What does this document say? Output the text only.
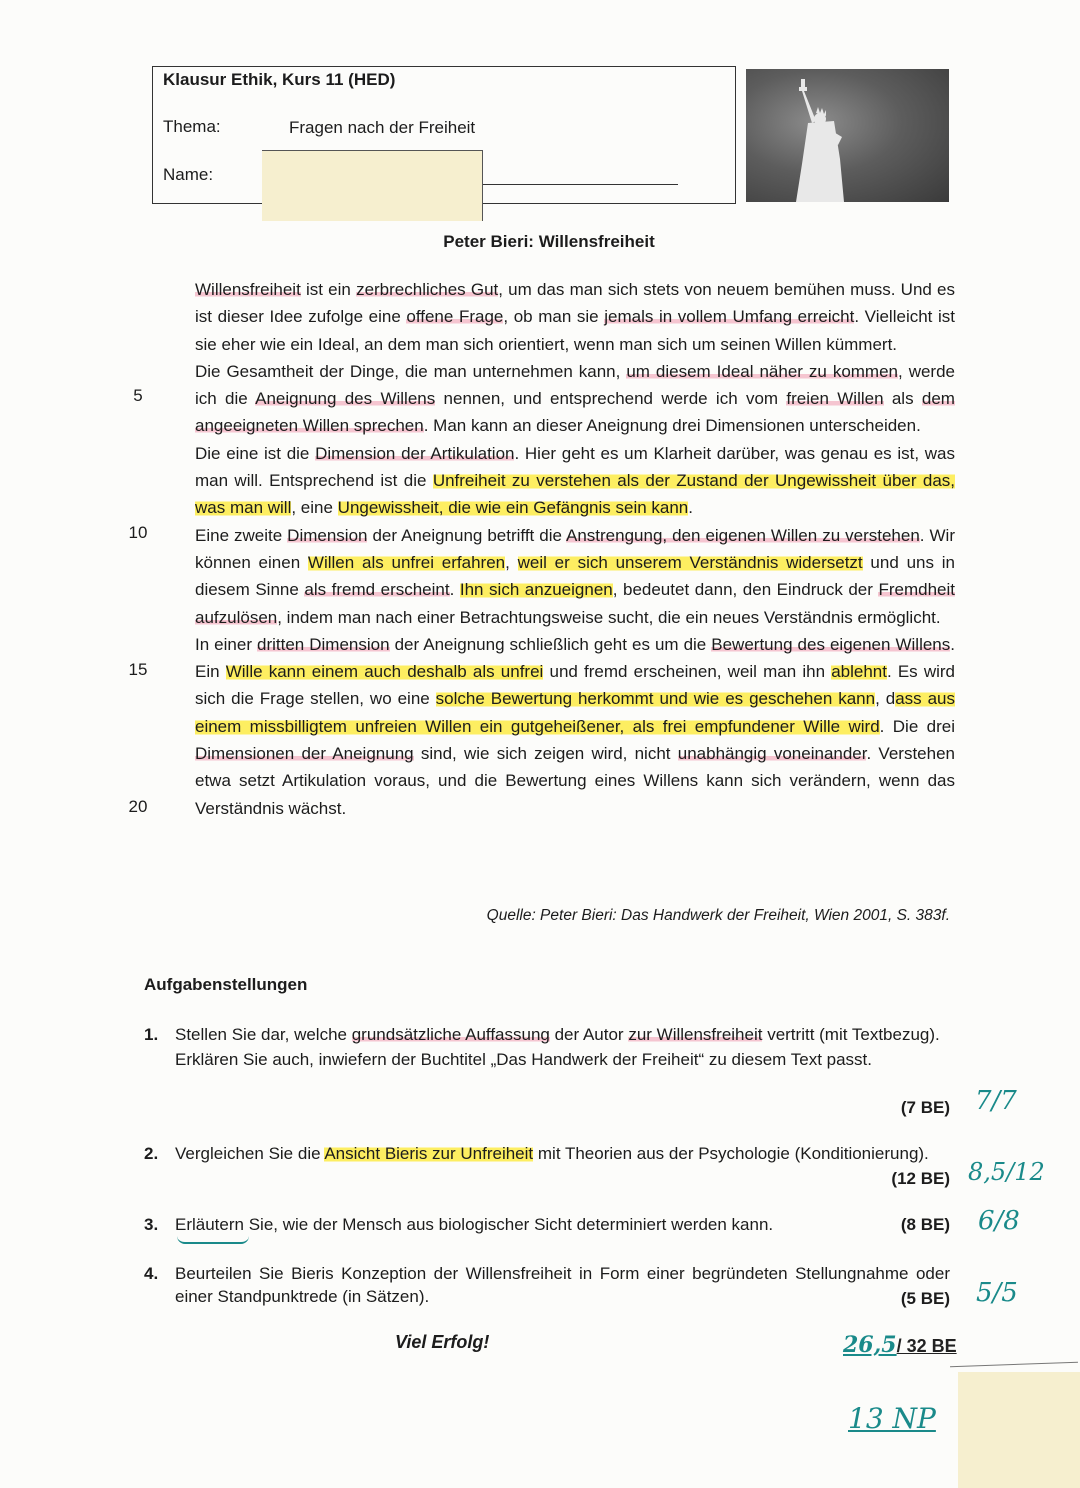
Klausur Ethik, Kurs 11 (HED)
Thema:	Fragen nach der Freiheit
Name:
Peter Bieri: Willensfreiheit
5
10
15
20

Willensfreiheit ist ein zerbrechliches Gut, um das man sich stets von neuem bemühen muss. Und es ist dieser Idee zufolge eine offene Frage, ob man sie jemals in vollem Umfang erreicht. Vielleicht ist sie eher wie ein Ideal, an dem man sich orientiert, wenn man sich um seinen Willen kümmert.

Die Gesamtheit der Dinge, die man unternehmen kann, um diesem Ideal näher zu kommen, werde ich die Aneignung des Willens nennen, und entsprechend werde ich vom freien Willen als dem angeeigneten Willen sprechen. Man kann an dieser Aneignung drei Dimensionen unterscheiden.

Die eine ist die Dimension der Artikulation. Hier geht es um Klarheit darüber, was genau es ist, was man will. Entsprechend ist die Unfreiheit zu verstehen als der Zustand der Ungewissheit über das, was man will, eine Ungewissheit, die wie ein Gefängnis sein kann.

Eine zweite Dimension der Aneignung betrifft die Anstrengung, den eigenen Willen zu verstehen. Wir können einen Willen als unfrei erfahren, weil er sich unserem Verständnis widersetzt und uns in diesem Sinne als fremd erscheint. Ihn sich anzueignen, bedeutet dann, den Eindruck der Fremdheit aufzulösen, indem man nach einer Betrachtungsweise sucht, die ein neues Verständnis ermöglicht.

In einer dritten Dimension der Aneignung schließlich geht es um die Bewertung des eigenen Willens. Ein Wille kann einem auch deshalb als unfrei und fremd erscheinen, weil man ihn ablehnt. Es wird sich die Frage stellen, wo eine solche Bewertung herkommt und wie es geschehen kann, dass aus einem missbilligtem unfreien Willen ein gutgeheißener, als frei empfundener Wille wird. Die drei Dimensionen der Aneignung sind, wie sich zeigen wird, nicht unabhängig voneinander. Verstehen etwa setzt Artikulation voraus, und die Bewertung eines Willens kann sich verändern, wenn das Verständnis wächst.

Quelle: Peter Bieri: Das Handwerk der Freiheit, Wien 2001, S. 383f.
Aufgabenstellungen
1. Stellen Sie dar, welche grundsätzliche Auffassung der Autor zur Willensfreiheit vertritt (mit Textbezug).
Erklären Sie auch, inwiefern der Buchtitel „Das Handwerk der Freiheit“ zu diesem Text passt.
(7 BE) 7/7
2. Vergleichen Sie die Ansicht Bieris zur Unfreiheit mit Theorien aus der Psychologie (Konditionierung).
(12 BE) 8,5/12
3. Erläutern Sie, wie der Mensch aus biologischer Sicht determiniert werden kann.	(8 BE) 6/8
4. Beurteilen Sie Bieris Konzeption der Willensfreiheit in Form einer begründeten Stellungnahme oder einer Standpunktrede (in Sätzen).	(5 BE) 5/5
Viel Erfolg!	26,5/ 32 BE
13 NP
